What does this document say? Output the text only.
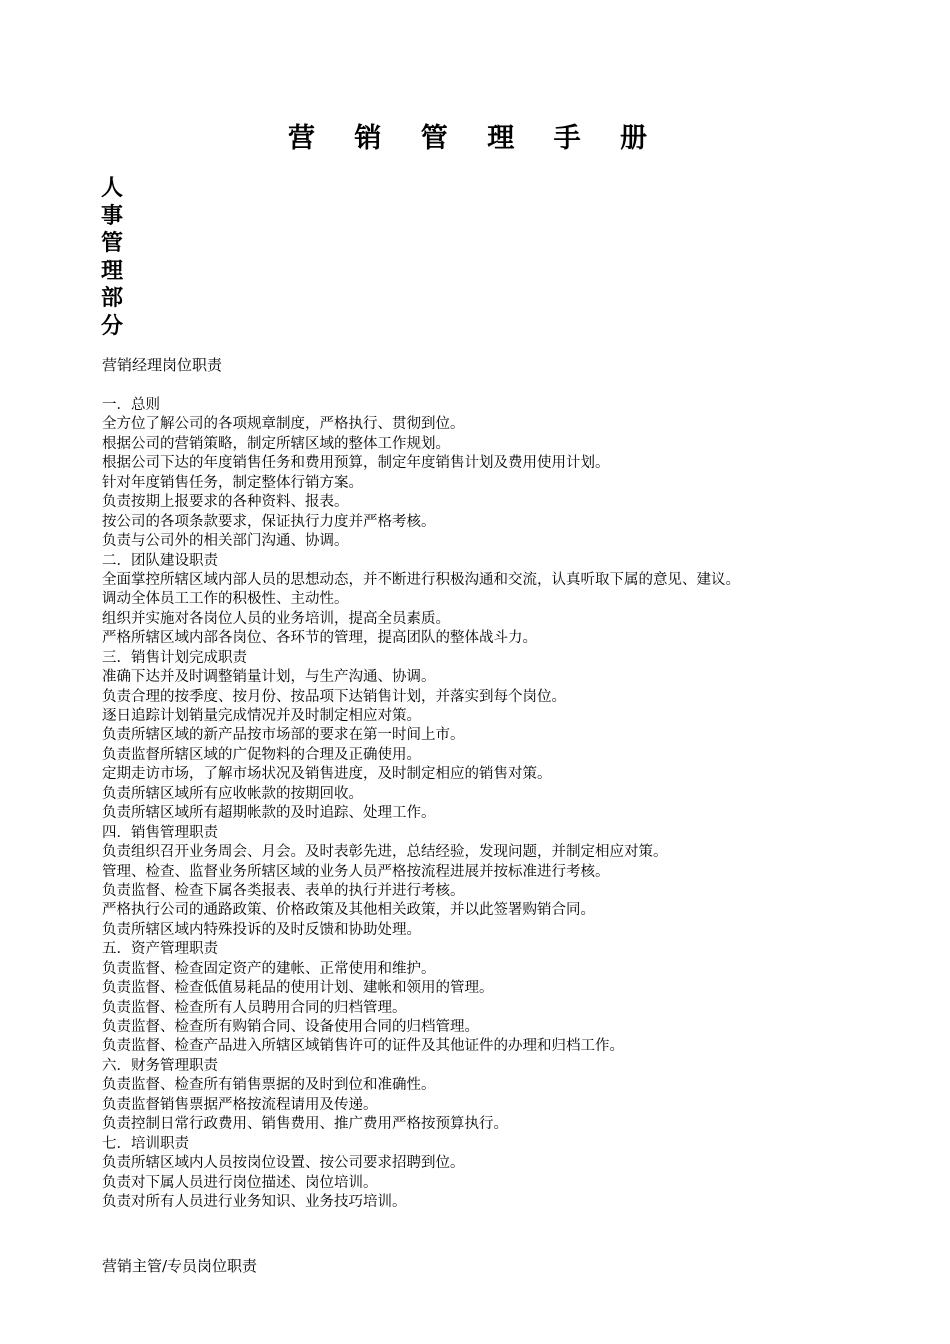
营 销 管 理 手 册
人
事
管
理
部
分
营销经理岗位职责
一．总则
全方位了解公司的各项规章制度，严格执行、贯彻到位。
根据公司的营销策略，制定所辖区域的整体工作规划。
根据公司下达的年度销售任务和费用预算，制定年度销售计划及费用使用计划。
针对年度销售任务，制定整体行销方案。
负责按期上报要求的各种资料、报表。
按公司的各项条款要求，保证执行力度并严格考核。
负责与公司外的相关部门沟通、协调。
二．团队建设职责
全面掌控所辖区域内部人员的思想动态，并不断进行积极沟通和交流，认真听取下属的意见、建议。
调动全体员工工作的积极性、主动性。
组织并实施对各岗位人员的业务培训，提高全员素质。
严格所辖区域内部各岗位、各环节的管理，提高团队的整体战斗力。
三．销售计划完成职责
准确下达并及时调整销量计划，与生产沟通、协调。
负责合理的按季度、按月份、按品项下达销售计划，并落实到每个岗位。
逐日追踪计划销量完成情况并及时制定相应对策。
负责所辖区域的新产品按市场部的要求在第一时间上市。
负责监督所辖区域的广促物料的合理及正确使用。
定期走访市场，了解市场状况及销售进度，及时制定相应的销售对策。
负责所辖区域所有应收帐款的按期回收。
负责所辖区域所有超期帐款的及时追踪、处理工作。
四．销售管理职责
负责组织召开业务周会、月会。及时表彰先进，总结经验，发现问题，并制定相应对策。
管理、检查、监督业务所辖区域的业务人员严格按流程进展并按标准进行考核。
负责监督、检查下属各类报表、表单的执行并进行考核。
严格执行公司的通路政策、价格政策及其他相关政策，并以此签署购销合同。
负责所辖区域内特殊投诉的及时反馈和协助处理。
五．资产管理职责
负责监督、检查固定资产的建帐、正常使用和维护。
负责监督、检查低值易耗品的使用计划、建帐和领用的管理。
负责监督、检查所有人员聘用合同的归档管理。
负责监督、检查所有购销合同、设备使用合同的归档管理。
负责监督、检查产品进入所辖区域销售许可的证件及其他证件的办理和归档工作。
六．财务管理职责
负责监督、检查所有销售票据的及时到位和准确性。
负责监督销售票据严格按流程请用及传递。
负责控制日常行政费用、销售费用、推广费用严格按预算执行。
七．培训职责
负责所辖区域内人员按岗位设置、按公司要求招聘到位。
负责对下属人员进行岗位描述、岗位培训。
负责对所有人员进行业务知识、业务技巧培训。
营销主管/专员岗位职责
